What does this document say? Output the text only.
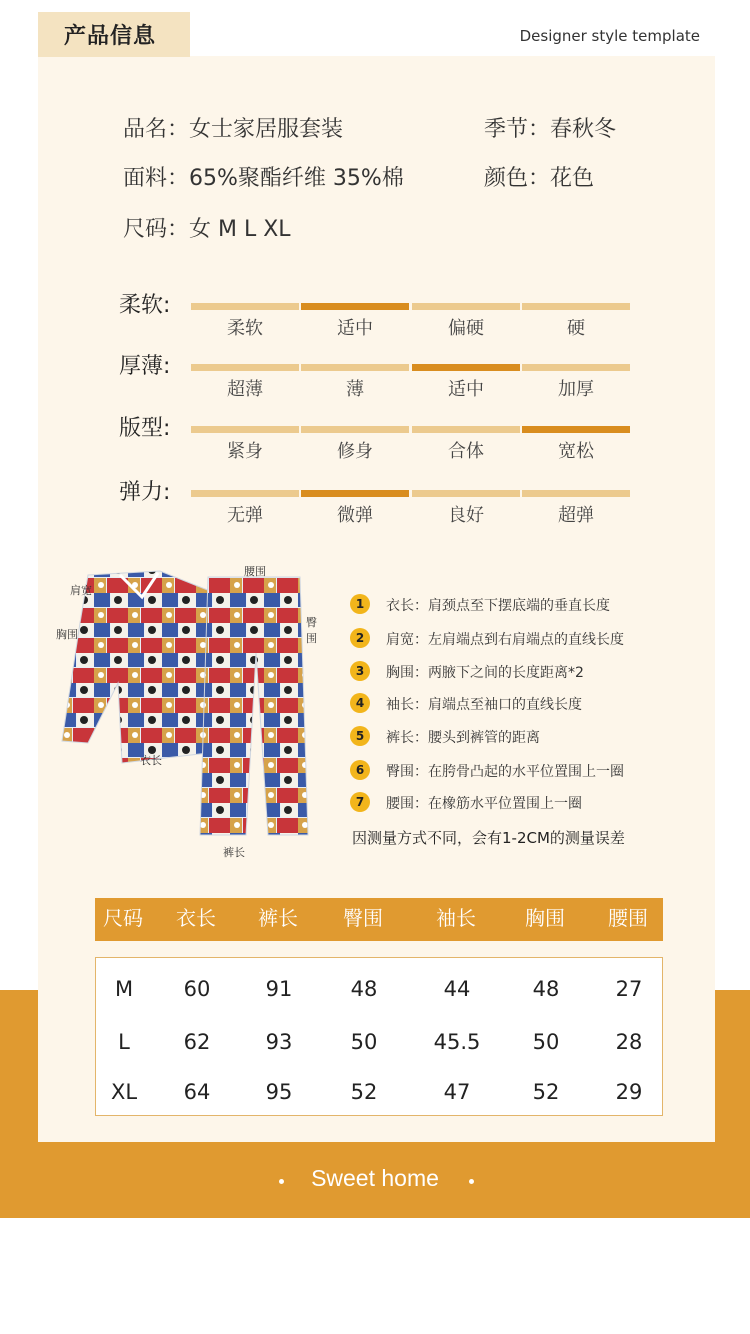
产品信息	Designer style template
品名：女士家居服套装	季节：春秋冬
面料：65%聚酯纤维 35%棉	颜色：花色
尺码：女 M L XL
柔软:
柔软	适中	偏硬	硬
厚薄:
超薄	薄	适中	加厚
版型:
紧身	修身	合体	宽松
弹力:
无弹	微弹	良好	超弹
肩宽
胸围
衣长
腰围
臀围
裤长
1	衣长：肩颈点至下摆底端的垂直长度
2	肩宽：左肩端点到右肩端点的直线长度
3	胸围：两腋下之间的长度距离*2
4	袖长：肩端点至袖口的直线长度
5	裤长：腰头到裤管的距离
6	臀围：在胯骨凸起的水平位置围上一圈
7	腰围：在橡筋水平位置围上一圈
因测量方式不同，会有1-2CM的测量误差
尺码	衣长	裤长	臀围	袖长	胸围	腰围
M	60	91	48	44	48	27
L	62	93	50	45.5	50	28
XL	64	95	52	47	52	29
Sweet home
